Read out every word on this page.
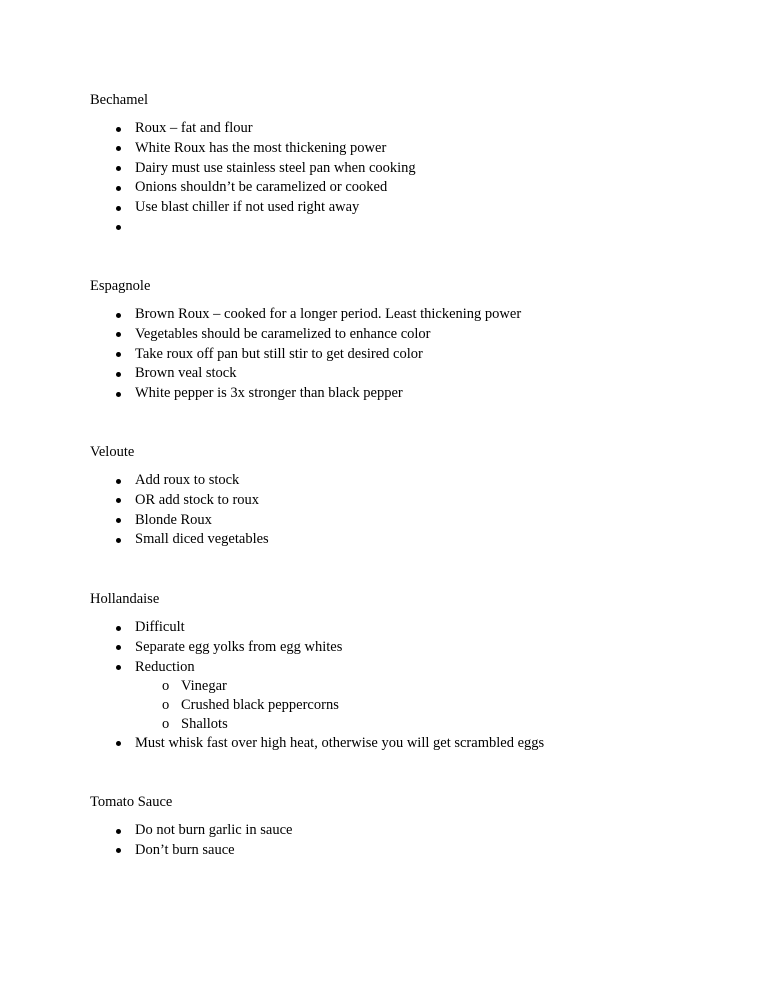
Bechamel
Roux – fat and flour
White Roux has the most thickening power
Dairy must use stainless steel pan when cooking
Onions shouldn’t be caramelized or cooked
Use blast chiller if not used right away
Espagnole
Brown Roux – cooked for a longer period. Least thickening power
Vegetables should be caramelized to enhance color
Take roux off pan but still stir to get desired color
Brown veal stock
White pepper is 3x stronger than black pepper
Veloute
Add roux to stock
OR add stock to roux
Blonde Roux
Small diced vegetables
Hollandaise
Difficult
Separate egg yolks from egg whites
Reduction
o Vinegar
o Crushed black peppercorns
o Shallots
Must whisk fast over high heat, otherwise you will get scrambled eggs
Tomato Sauce
Do not burn garlic in sauce
Don’t burn sauce
